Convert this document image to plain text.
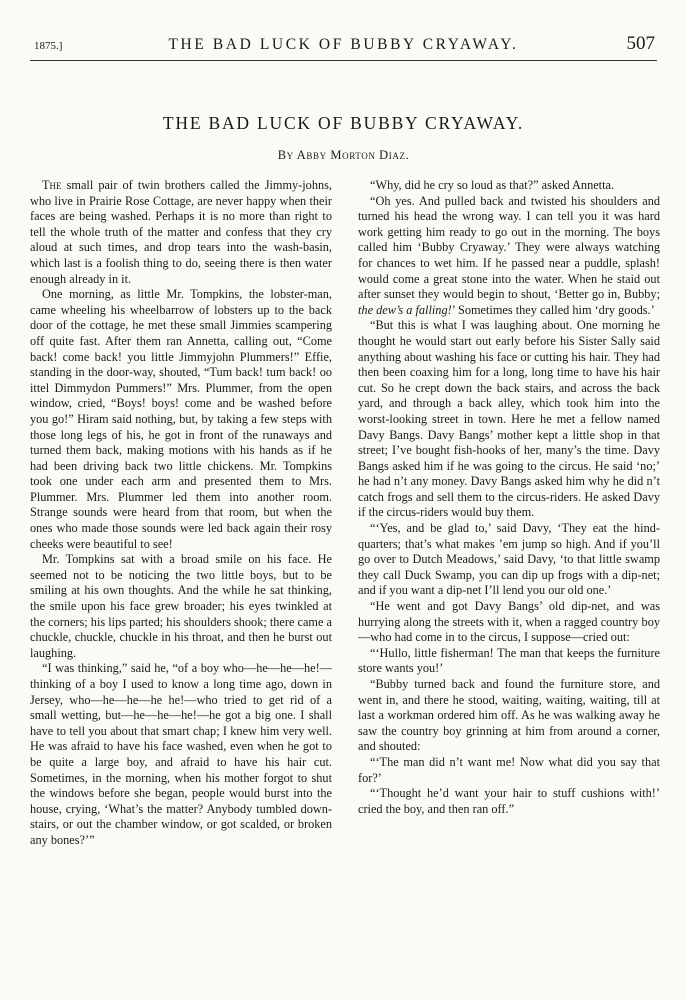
1875.]	THE BAD LUCK OF BUBBY CRYAWAY.	507
THE BAD LUCK OF BUBBY CRYAWAY.
By Abby Morton Diaz.

The small pair of twin brothers called the Jimmy-johns, who live in Prairie Rose Cottage, are never happy when their faces are being washed. Perhaps it is no more than right to tell the whole truth of the matter and confess that they cry aloud at such times, and drop tears into the wash-basin, which last is a foolish thing to do, seeing there is then water enough already in it.

One morning, as little Mr. Tompkins, the lobster-man, came wheeling his wheelbarrow of lobsters up to the back door of the cottage, he met these small Jimmies scampering off quite fast. After them ran Annetta, calling out, “Come back! come back! you little Jimmyjohn Plummers!” Effie, standing in the door-way, shouted, “Tum back! tum back! oo ittel Dimmydon Pummers!” Mrs. Plummer, from the open window, cried, “Boys! boys! come and be washed before you go!” Hiram said nothing, but, by taking a few steps with those long legs of his, he got in front of the runaways and turned them back, making motions with his hands as if he had been driving back two little chickens. Mr. Tompkins took one under each arm and presented them to Mrs. Plummer. Mrs. Plummer led them into another room. Strange sounds were heard from that room, but when the ones who made those sounds were led back again their rosy cheeks were beautiful to see!

Mr. Tompkins sat with a broad smile on his face. He seemed not to be noticing the two little boys, but to be smiling at his own thoughts. And the while he sat thinking, the smile upon his face grew broader; his eyes twinkled at the corners; his lips parted; his shoulders shook; there came a chuckle, chuckle, chuckle in his throat, and then he burst out laughing.

“I was thinking,” said he, “of a boy who—he—he—he!—thinking of a boy I used to know a long time ago, down in Jersey, who—he—he—he he!—who tried to get rid of a small wetting, but—he—he—he!—he got a big one. I shall have to tell you about that smart chap; I knew him very well. He was afraid to have his face washed, even when he got to be quite a large boy, and afraid to have his hair cut. Sometimes, in the morning, when his mother forgot to shut the windows before she began, people would burst into the house, crying, ‘What’s the matter? Anybody tumbled down-stairs, or out the chamber window, or got scalded, or broken any bones?’”

“Why, did he cry so loud as that?” asked Annetta.

“Oh yes. And pulled back and twisted his shoulders and turned his head the wrong way. I can tell you it was hard work getting him ready to go out in the morning. The boys called him ‘Bubby Cryaway.’ They were always watching for chances to wet him. If he passed near a puddle, splash! would come a great stone into the water. When he staid out after sunset they would begin to shout, ‘Better go in, Bubby; the dew’s a falling!’ Sometimes they called him ‘dry goods.’

“But this is what I was laughing about. One morning he thought he would start out early before his Sister Sally said anything about washing his face or cutting his hair. They had then been coaxing him for a long, long time to have his hair cut. So he crept down the back stairs, and across the back yard, and through a back alley, which took him into the worst-looking street in town. Here he met a fellow named Davy Bangs. Davy Bangs’ mother kept a little shop in that street; I’ve bought fish-hooks of her, many’s the time. Davy Bangs asked him if he was going to the circus. He said ‘no;’ he had n’t any money. Davy Bangs asked him why he did n’t catch frogs and sell them to the circus-riders. He asked Davy if the circus-riders would buy them.

“‘Yes, and be glad to,’ said Davy, ‘They eat the hind-quarters; that’s what makes ’em jump so high. And if you’ll go over to Dutch Meadows,’ said Davy, ‘to that little swamp they call Duck Swamp, you can dip up frogs with a dip-net; and if you want a dip-net I’ll lend you our old one.’

“He went and got Davy Bangs’ old dip-net, and was hurrying along the streets with it, when a ragged country boy—who had come in to the circus, I suppose—cried out:

“‘Hullo, little fisherman! The man that keeps the furniture store wants you!’

“Bubby turned back and found the furniture store, and went in, and there he stood, waiting, waiting, waiting, till at last a workman ordered him off. As he was walking away he saw the country boy grinning at him from around a corner, and shouted:

“‘The man did n’t want me! Now what did you say that for?’

“‘Thought he’d want your hair to stuff cushions with!’ cried the boy, and then ran off.”
